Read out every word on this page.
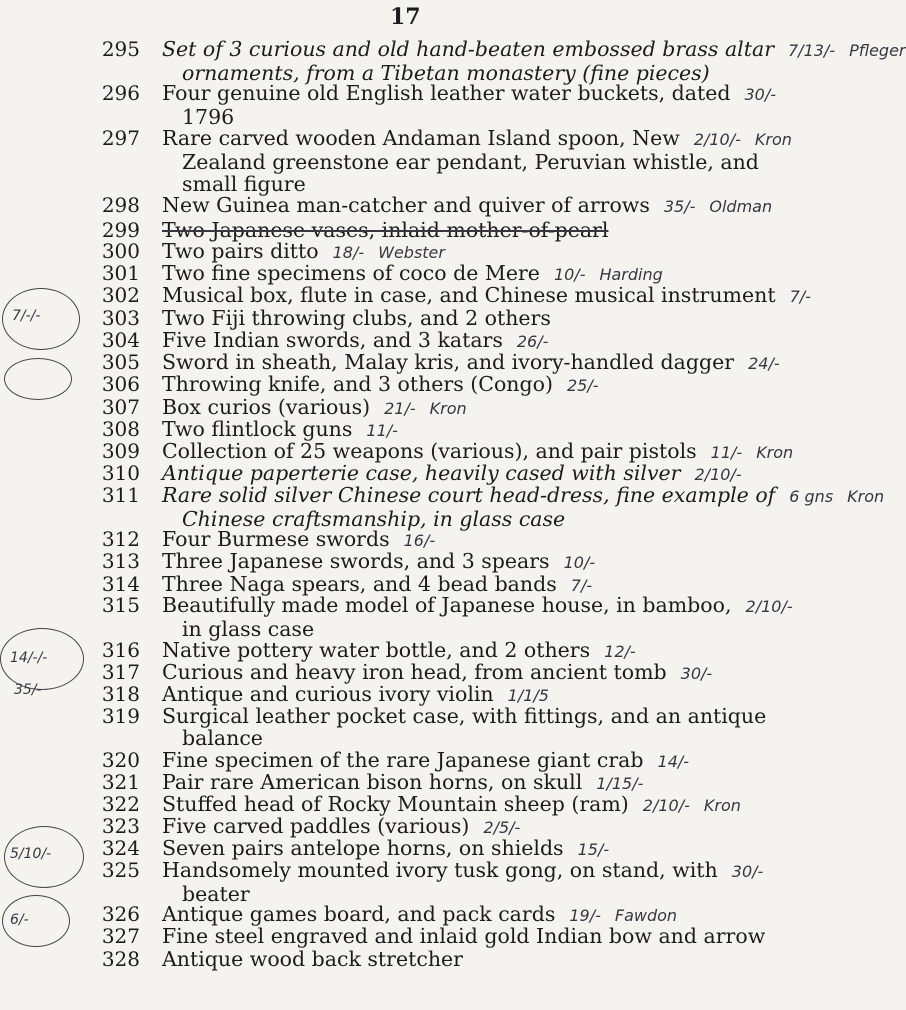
17
7/-/-
14/-/-
35/-
5/10/-
6/-
295 Set of 3 curious and old hand-beaten embossed brass altar 7/13/- Pfleger
ornaments, from a Tibetan monastery (fine pieces)
296 Four genuine old English leather water buckets, dated 30/-
1796
297 Rare carved wooden Andaman Island spoon, New 2/10/- Kron
Zealand greenstone ear pendant, Peruvian whistle, and
small figure
298 New Guinea man-catcher and quiver of arrows 35/- Oldman
299 Two Japanese vases, inlaid mother-of-pearl
300 Two pairs ditto 18/- Webster
301 Two fine specimens of coco de Mere 10/- Harding
302 Musical box, flute in case, and Chinese musical instrument 7/-
303 Two Fiji throwing clubs, and 2 others
304 Five Indian swords, and 3 katars 26/-
305 Sword in sheath, Malay kris, and ivory-handled dagger 24/-
306 Throwing knife, and 3 others (Congo) 25/-
307 Box curios (various) 21/- Kron
308 Two flintlock guns 11/-
309 Collection of 25 weapons (various), and pair pistols 11/- Kron
310 Antique paperterie case, heavily cased with silver 2/10/-
311 Rare solid silver Chinese court head-dress, fine example of 6 gns Kron
Chinese craftsmanship, in glass case
312 Four Burmese swords 16/-
313 Three Japanese swords, and 3 spears 10/-
314 Three Naga spears, and 4 bead bands 7/-
315 Beautifully made model of Japanese house, in bamboo, 2/10/-
in glass case
316 Native pottery water bottle, and 2 others 12/-
317 Curious and heavy iron head, from ancient tomb 30/-
318 Antique and curious ivory violin 1/1/5
319 Surgical leather pocket case, with fittings, and an antique
balance
320 Fine specimen of the rare Japanese giant crab 14/-
321 Pair rare American bison horns, on skull 1/15/-
322 Stuffed head of Rocky Mountain sheep (ram) 2/10/- Kron
323 Five carved paddles (various) 2/5/-
324 Seven pairs antelope horns, on shields 15/-
325 Handsomely mounted ivory tusk gong, on stand, with 30/-
beater
326 Antique games board, and pack cards 19/- Fawdon
327 Fine steel engraved and inlaid gold Indian bow and arrow
328 Antique wood back stretcher
